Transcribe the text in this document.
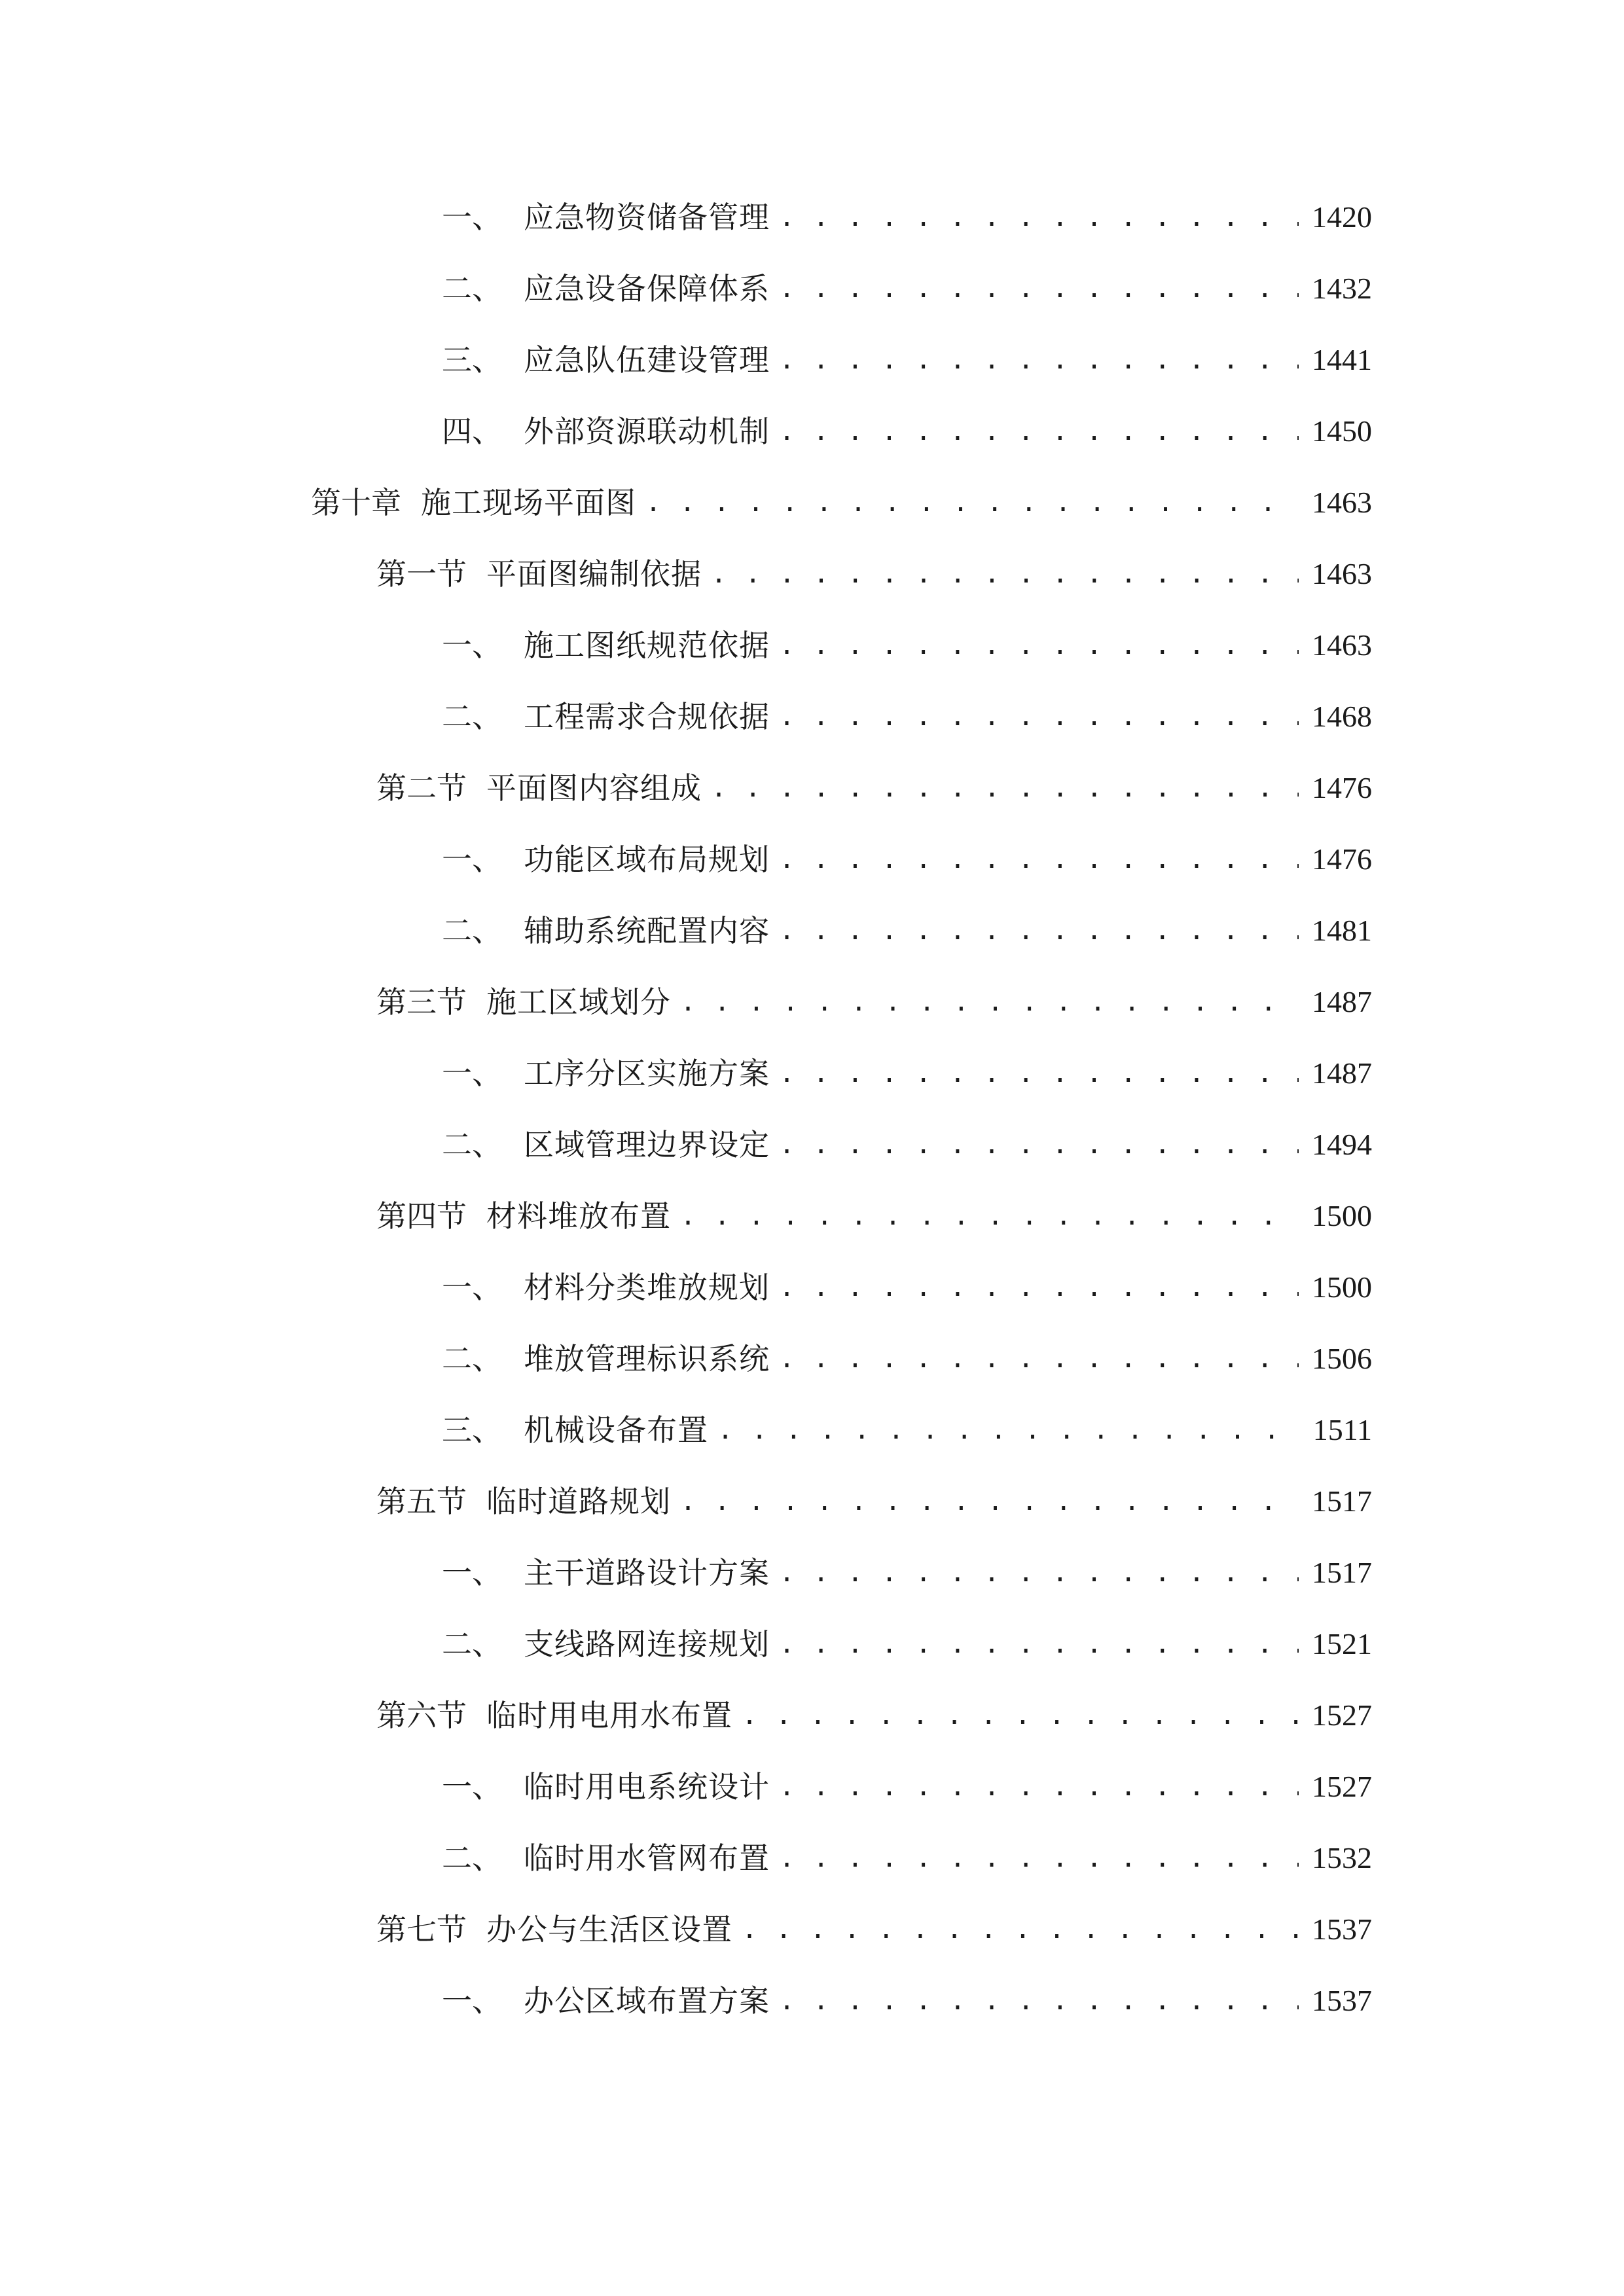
一、 应急物资储备管理 . . .	1420
二、 应急设备保障体系 . . .	1432
三、 应急队伍建设管理 . . .	1441
四、 外部资源联动机制 . . .	1450
第十章 施工现场平面图 . . .	1463
第一节 平面图编制依据 . . .	1463
一、 施工图纸规范依据 . . .	1463
二、 工程需求合规依据 . . .	1468
第二节 平面图内容组成 . . .	1476
一、 功能区域布局规划 . . .	1476
二、 辅助系统配置内容 . . .	1481
第三节 施工区域划分 . . .	1487
一、 工序分区实施方案 . . .	1487
二、 区域管理边界设定 . . .	1494
第四节 材料堆放布置 . . .	1500
一、 材料分类堆放规划 . . .	1500
二、 堆放管理标识系统 . . .	1506
三、 机械设备布置 . . .	1511
第五节 临时道路规划 . . .	1517
一、 主干道路设计方案 . . .	1517
二、 支线路网连接规划 . . .	1521
第六节 临时用电用水布置 . . .	1527
一、 临时用电系统设计 . . .	1527
二、 临时用水管网布置 . . .	1532
第七节 办公与生活区设置 . . .	1537
一、 办公区域布置方案 . . .	1537
